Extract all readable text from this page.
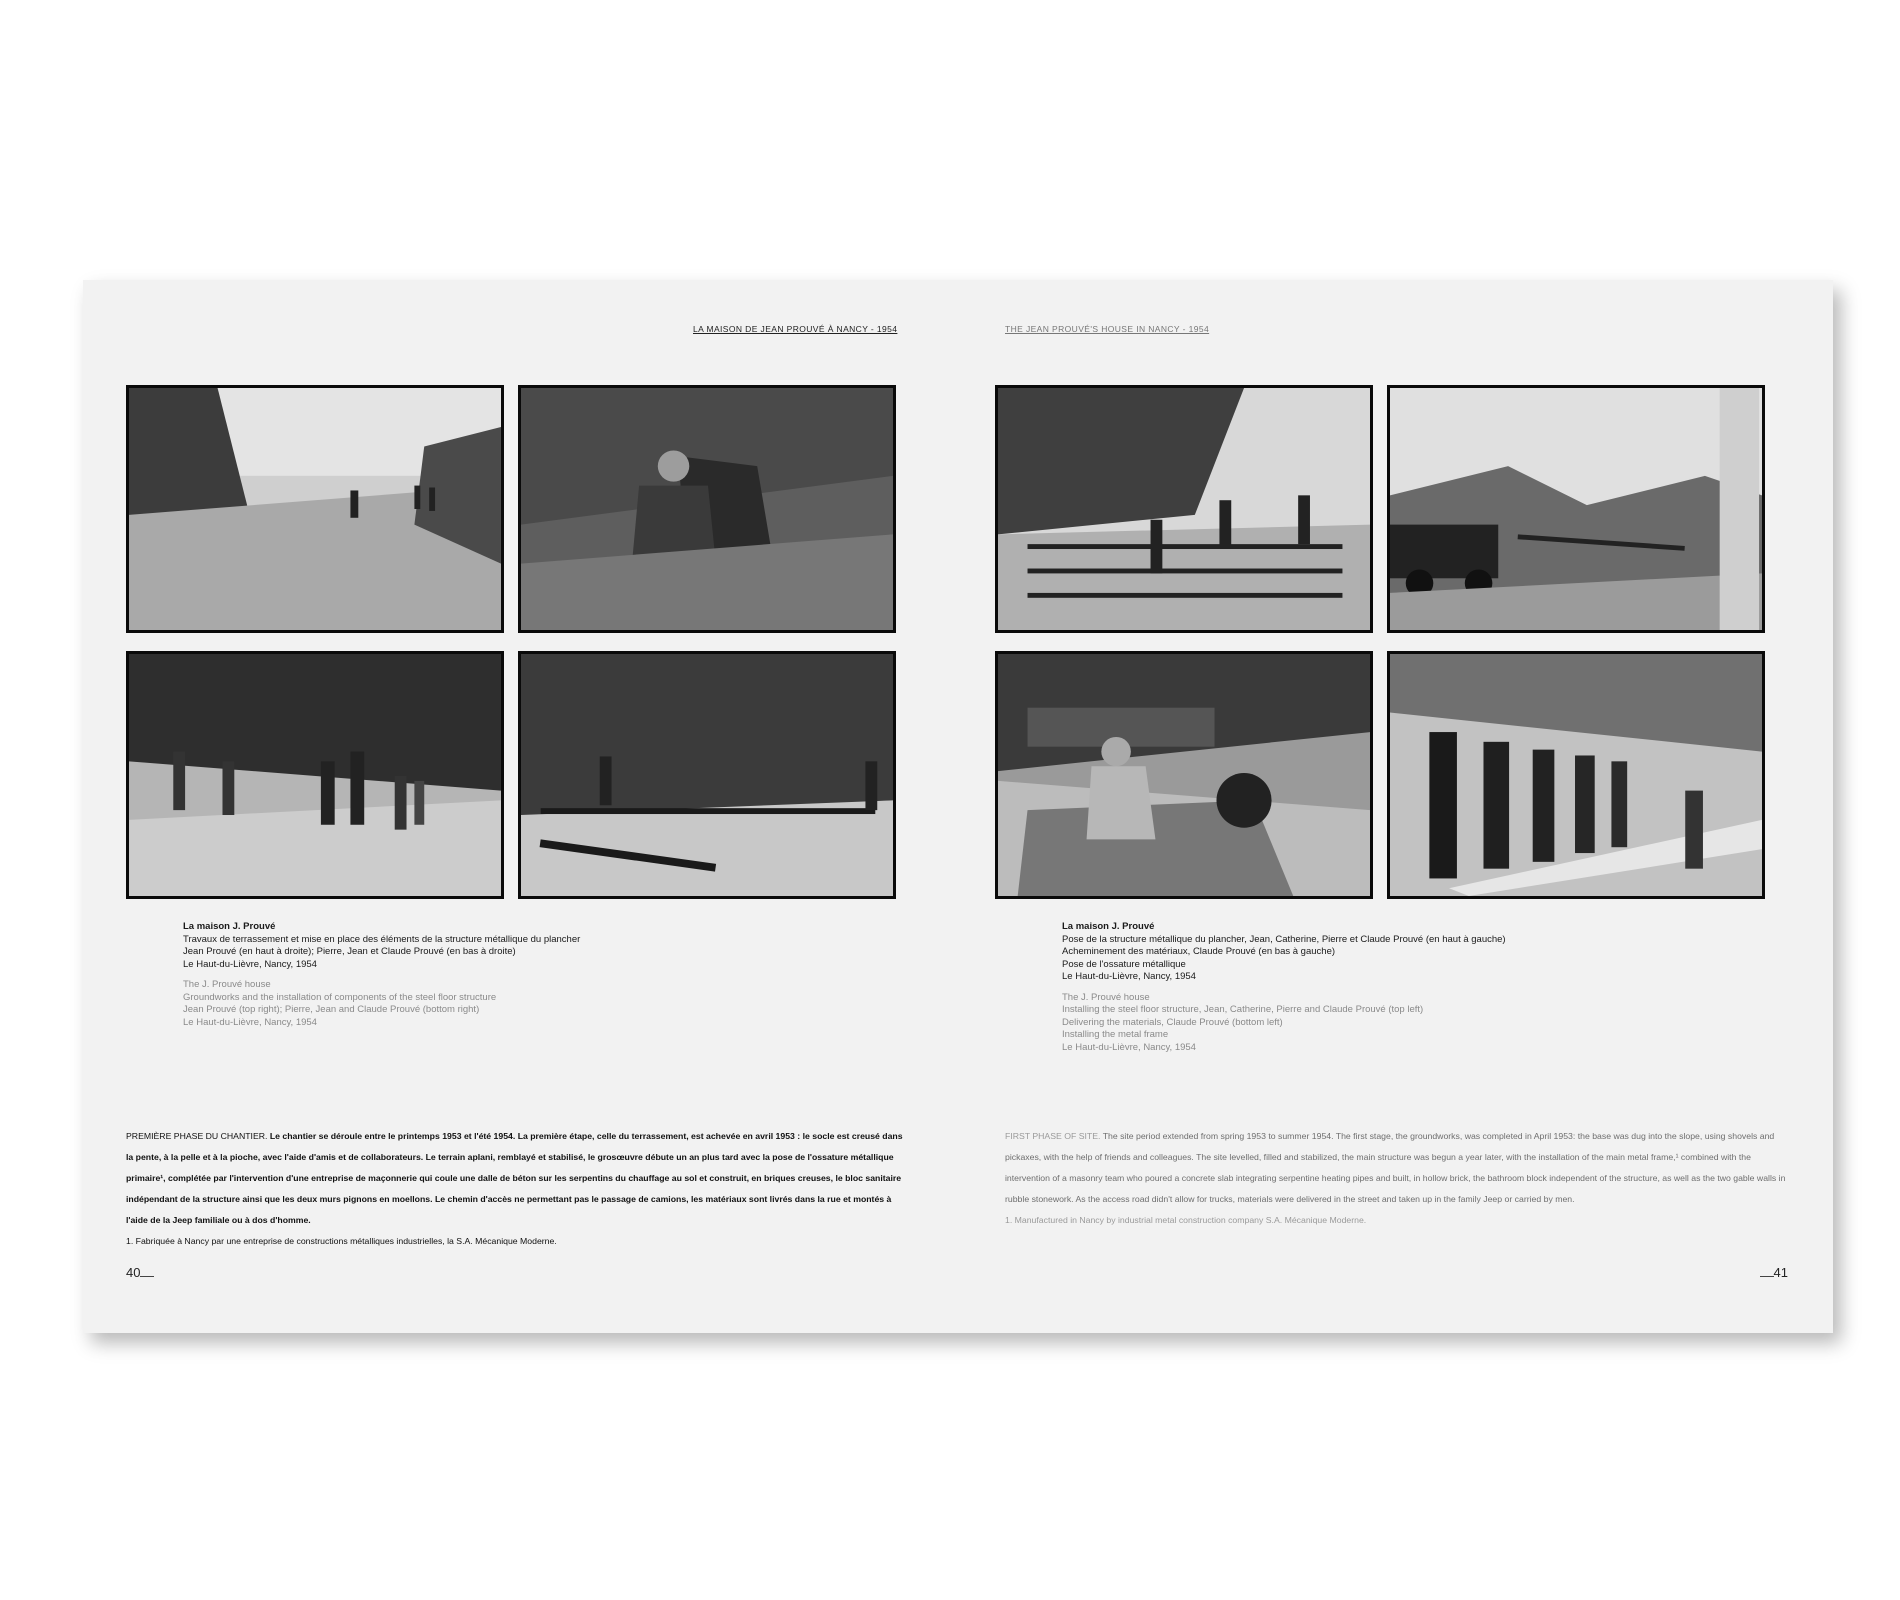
LA MAISON DE JEAN PROUVÉ À NANCY - 1954	THE JEAN PROUVÉ'S HOUSE IN NANCY - 1954
La maison J. Prouvé
Travaux de terrassement et mise en place des éléments de la structure métallique du plancher
Jean Prouvé (en haut à droite); Pierre, Jean et Claude Prouvé (en bas à droite)
Le Haut-du-Lièvre, Nancy, 1954
The J. Prouvé house
Groundworks and the installation of components of the steel floor structure
Jean Prouvé (top right); Pierre, Jean and Claude Prouvé (bottom right)
Le Haut-du-Lièvre, Nancy, 1954
La maison J. Prouvé
Pose de la structure métallique du plancher, Jean, Catherine, Pierre et Claude Prouvé (en haut à gauche)
Acheminement des matériaux, Claude Prouvé (en bas à gauche)
Pose de l'ossature métallique
Le Haut-du-Lièvre, Nancy, 1954
The J. Prouvé house
Installing the steel floor structure, Jean, Catherine, Pierre and Claude Prouvé (top left)
Delivering the materials, Claude Prouvé (bottom left)
Installing the metal frame
Le Haut-du-Lièvre, Nancy, 1954
PREMIÈRE PHASE DU CHANTIER. Le chantier se déroule entre le printemps 1953 et l'été 1954. La première étape, celle du terrassement, est achevée en avril 1953 : le socle est creusé dans la pente, à la pelle et à la pioche, avec l'aide d'amis et de collaborateurs. Le terrain aplani, remblayé et stabilisé, le grosœuvre débute un an plus tard avec la pose de l'ossature métallique primaire¹, complétée par l'intervention d'une entreprise de maçonnerie qui coule une dalle de béton sur les serpentins du chauffage au sol et construit, en briques creuses, le bloc sanitaire indépendant de la structure ainsi que les deux murs pignons en moellons. Le chemin d'accès ne permettant pas le passage de camions, les matériaux sont livrés dans la rue et montés à l'aide de la Jeep familiale ou à dos d'homme.
1. Fabriquée à Nancy par une entreprise de constructions métalliques industrielles, la S.A. Mécanique Moderne.
FIRST PHASE OF SITE. The site period extended from spring 1953 to summer 1954. The first stage, the groundworks, was completed in April 1953: the base was dug into the slope, using shovels and pickaxes, with the help of friends and colleagues. The site levelled, filled and stabilized, the main structure was begun a year later, with the installation of the main metal frame,¹ combined with the intervention of a masonry team who poured a concrete slab integrating serpentine heating pipes and built, in hollow brick, the bathroom block independent of the structure, as well as the two gable walls in rubble stonework. As the access road didn't allow for trucks, materials were delivered in the street and taken up in the family Jeep or carried by men.
1. Manufactured in Nancy by industrial metal construction company S.A. Mécanique Moderne.
40	41
